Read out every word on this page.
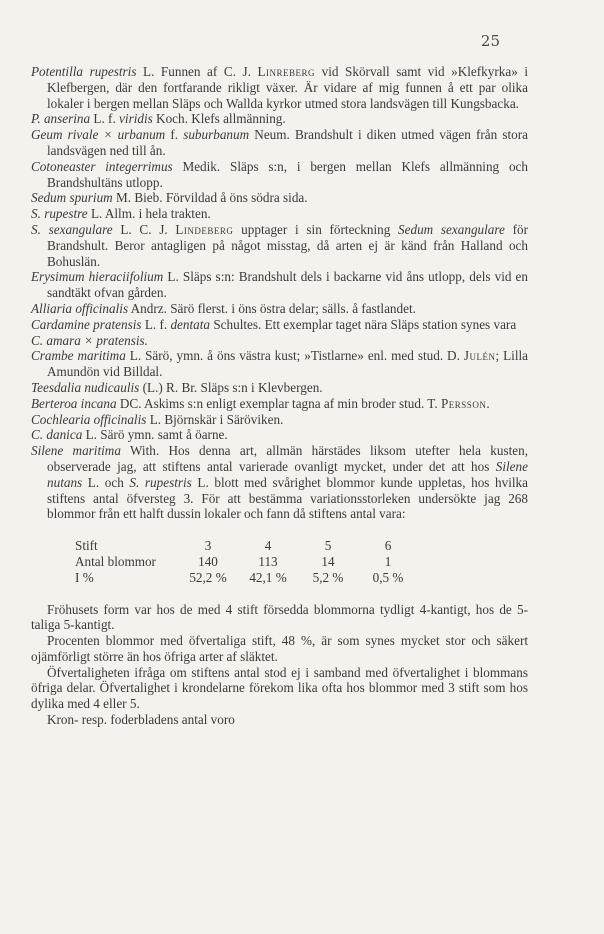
25

Potentilla rupestris L. Funnen af C. J. Linreberg vid Skörvall samt vid »Klefkyrka» i Klefbergen, där den fortfarande rikligt växer. Är vidare af mig funnen å ett par olika lokaler i bergen mellan Släps och Wallda kyrkor utmed stora landsvägen till Kungsbacka.

P. anserina L. f. viridis Koch. Klefs allmänning.

Geum rivale × urbanum f. suburbanum Neum. Brandshult i diken utmed vägen från stora landsvägen ned till ån.

Cotoneaster integerrimus Medik. Släps s:n, i bergen mellan Klefs allmänning och Brandshultäns utlopp.

Sedum spurium M. Bieb. Förvildad å öns södra sida.

S. rupestre L. Allm. i hela trakten.

S. sexangulare L. C. J. Lindeberg upptager i sin förteckning Sedum sexangulare för Brandshult. Beror antagligen på något misstag, då arten ej är känd från Halland och Bohuslän.

Erysimum hieraciifolium L. Släps s:n: Brandshult dels i backarne vid åns utlopp, dels vid en sandtäkt ofvan gården.

Alliaria officinalis Andrz. Särö flerst. i öns östra delar; sälls. å fastlandet.

Cardamine pratensis L. f. dentata Schultes. Ett exemplar taget nära Släps station synes vara

C. amara × pratensis.

Crambe maritima L. Särö, ymn. å öns västra kust; »Tistlarne» enl. med stud. D. Julén; Lilla Amundön vid Billdal.

Teesdalia nudicaulis (L.) R. Br. Släps s:n i Klevbergen.

Berteroa incana DC. Askims s:n enligt exemplar tagna af min broder stud. T. Persson.

Cochlearia officinalis L. Björnskär i Säröviken.

C. danica L. Särö ymn. samt å öarne.

Silene maritima With. Hos denna art, allmän härstädes liksom utefter hela kusten, observerade jag, att stiftens antal varierade ovanligt mycket, under det att hos Silene nutans L. och S. rupestris L. blott med svårighet blommor kunde uppletas, hos hvilka stiftens antal öfversteg 3. För att bestämma variationsstorleken undersökte jag 268 blommor från ett halft dussin lokaler och fann då stiftens antal vara:

Stift	3	4	5	6
Antal blommor	140	113	14	1
I %	52,2 %	42,1 %	5,2 %	0,5 %

Fröhusets form var hos de med 4 stift försedda blommorna tydligt 4-kantigt, hos de 5-taliga 5-kantigt.

Procenten blommor med öfvertaliga stift, 48 %, är som synes mycket stor och säkert ojämförligt större än hos öfriga arter af släktet.

Öfvertaligheten ifråga om stiftens antal stod ej i samband med öfvertalighet i blommans öfriga delar. Öfvertalighet i krondelarne förekom lika ofta hos blommor med 3 stift som hos dylika med 4 eller 5.

Kron- resp. foderbladens antal voro
